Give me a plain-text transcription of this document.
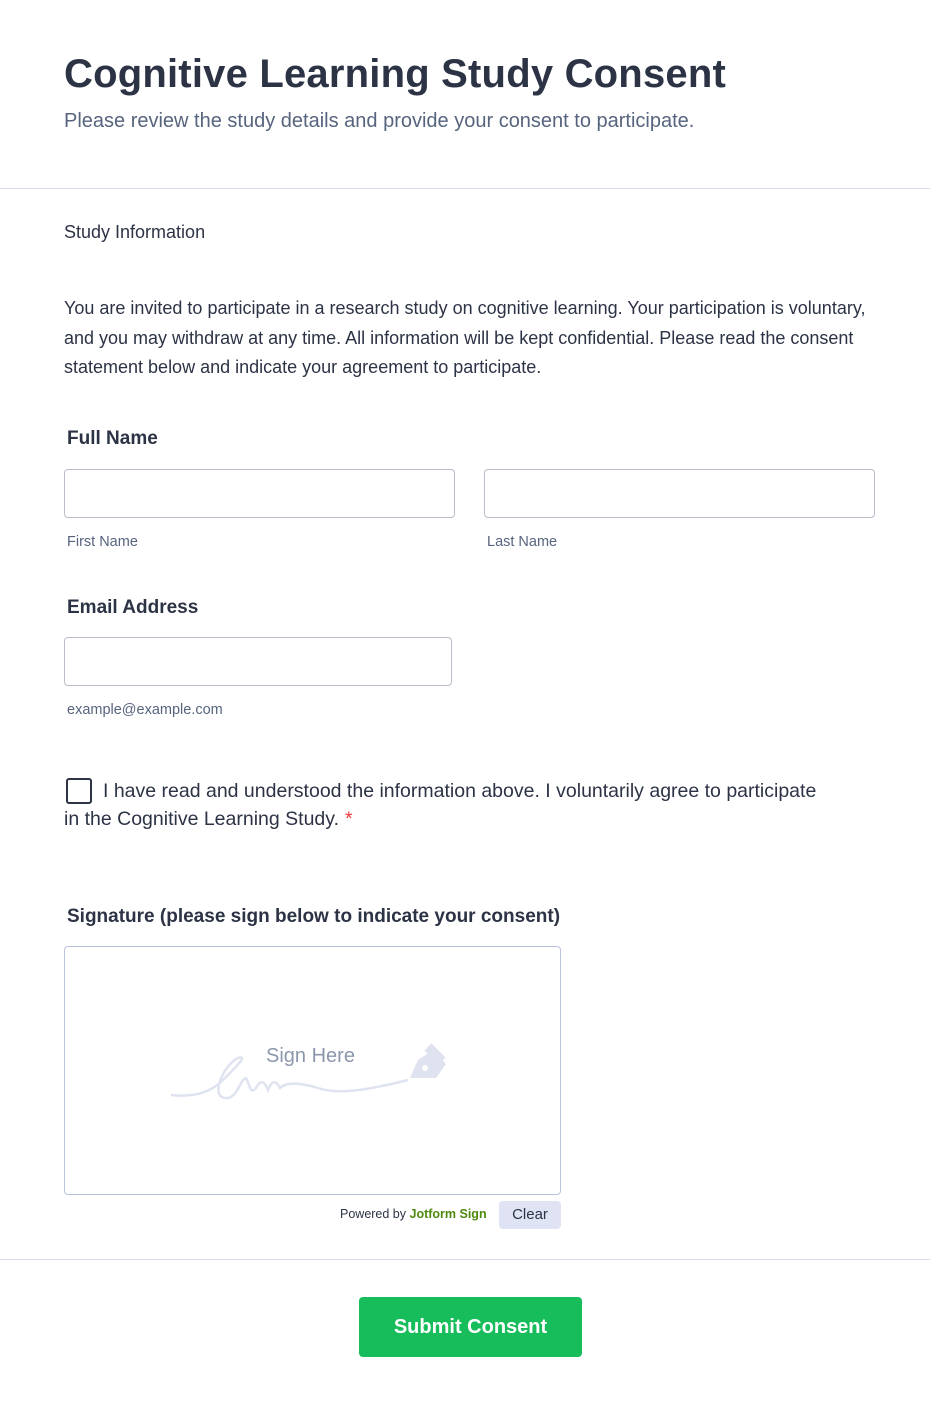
Cognitive Learning Study Consent
Please review the study details and provide your consent to participate.
Study Information
You are invited to participate in a research study on cognitive learning. Your participation is voluntary, and you may withdraw at any time. All information will be kept confidential. Please read the consent statement below and indicate your agreement to participate.
Full Name
First Name	Last Name
Email Address
example@example.com
I have read and understood the information above. I voluntarily agree to participate in the Cognitive Learning Study. *
Signature (please sign below to indicate your consent)
Sign Here
Powered by Jotform Sign	Clear
Submit Consent
